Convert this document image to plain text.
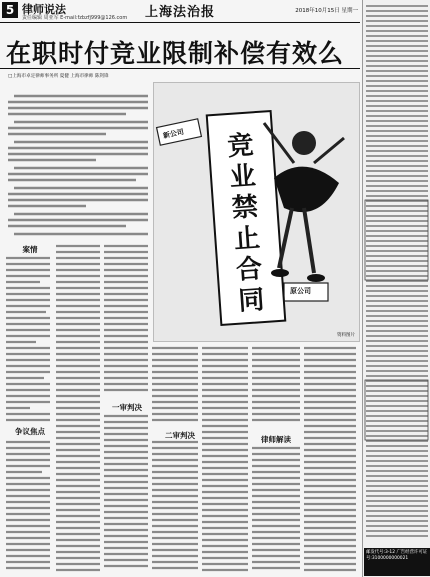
5 律师说法
责任编辑 周亚军 E-mail:fzbzfj999@126.com 上海法治报	2018年10月15日 星期一
在职时付竞业限制补偿有效么
□上海市卓定律师事务所 夏健 上海市律师 陈剑锋
新公司
原公司
竞业禁止合同
资料图片
案情
争议焦点
一审判决
二审判决	律师解读
邮发代号:3-12 广告经营许可证号:3100000000021
